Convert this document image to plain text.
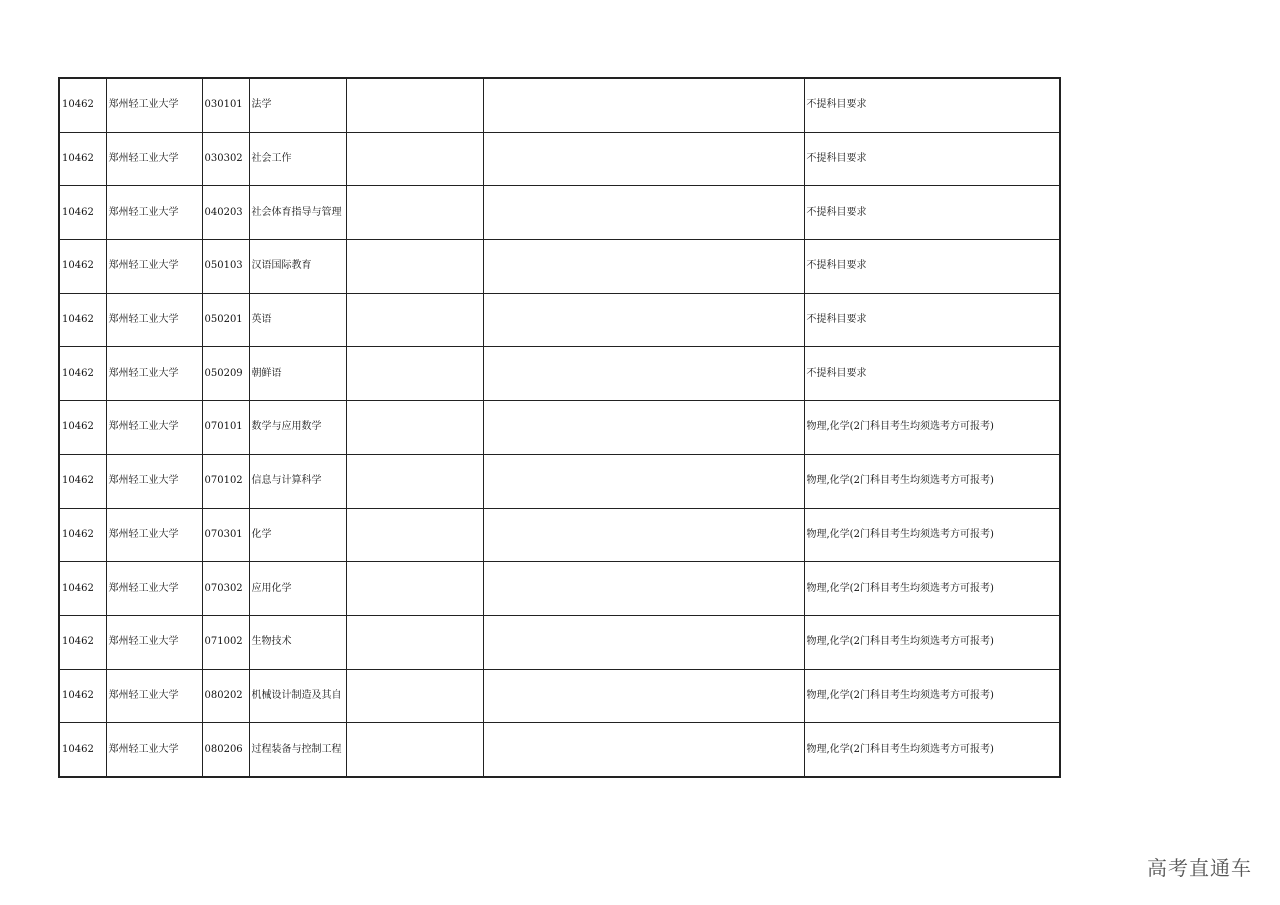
10462	郑州轻工业大学	030101	法学			不提科目要求
10462	郑州轻工业大学	030302	社会工作			不提科目要求
10462	郑州轻工业大学	040203	社会体育指导与管理			不提科目要求
10462	郑州轻工业大学	050103	汉语国际教育			不提科目要求
10462	郑州轻工业大学	050201	英语			不提科目要求
10462	郑州轻工业大学	050209	朝鲜语			不提科目要求
10462	郑州轻工业大学	070101	数学与应用数学			物理,化学(2门科目考生均须选考方可报考)
10462	郑州轻工业大学	070102	信息与计算科学			物理,化学(2门科目考生均须选考方可报考)
10462	郑州轻工业大学	070301	化学			物理,化学(2门科目考生均须选考方可报考)
10462	郑州轻工业大学	070302	应用化学			物理,化学(2门科目考生均须选考方可报考)
10462	郑州轻工业大学	071002	生物技术			物理,化学(2门科目考生均须选考方可报考)
10462	郑州轻工业大学	080202	机械设计制造及其自			物理,化学(2门科目考生均须选考方可报考)
10462	郑州轻工业大学	080206	过程装备与控制工程			物理,化学(2门科目考生均须选考方可报考)
高考直通车
